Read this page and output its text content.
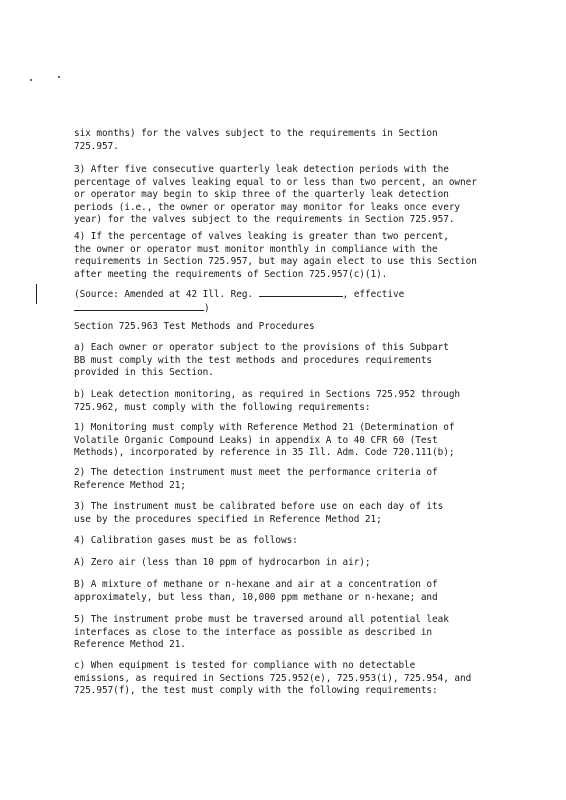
six months) for the valves subject to the requirements in Section
725.957.
3) After five consecutive quarterly leak detection periods with the
percentage of valves leaking equal to or less than two percent, an owner
or operator may begin to skip three of the quarterly leak detection
periods (i.e., the owner or operator may monitor for leaks once every
year) for the valves subject to the requirements in Section 725.957.
4) If the percentage of valves leaking is greater than two percent,
the owner or operator must monitor monthly in compliance with the
requirements in Section 725.957, but may again elect to use this Section
after meeting the requirements of Section 725.957(c)(1).
(Source: Amended at 42 Ill. Reg.	, effective
)
Section 725.963 Test Methods and Procedures
a) Each owner or operator subject to the provisions of this Subpart
BB must comply with the test methods and procedures requirements
provided in this Section.
b) Leak detection monitoring, as required in Sections 725.952 through
725.962, must comply with the following requirements:
1) Monitoring must comply with Reference Method 21 (Determination of
Volatile Organic Compound Leaks) in appendix A to 40 CFR 60 (Test
Methods), incorporated by reference in 35 Ill. Adm. Code 720.111(b);
2) The detection instrument must meet the performance criteria of
Reference Method 21;
3) The instrument must be calibrated before use on each day of its
use by the procedures specified in Reference Method 21;
4) Calibration gases must be as follows:
A) Zero air (less than 10 ppm of hydrocarbon in air);
B) A mixture of methane or n-hexane and air at a concentration of
approximately, but less than, 10,000 ppm methane or n-hexane; and
5) The instrument probe must be traversed around all potential leak
interfaces as close to the interface as possible as described in
Reference Method 21.
c) When equipment is tested for compliance with no detectable
emissions, as required in Sections 725.952(e), 725.953(i), 725.954, and
725.957(f), the test must comply with the following requirements:
